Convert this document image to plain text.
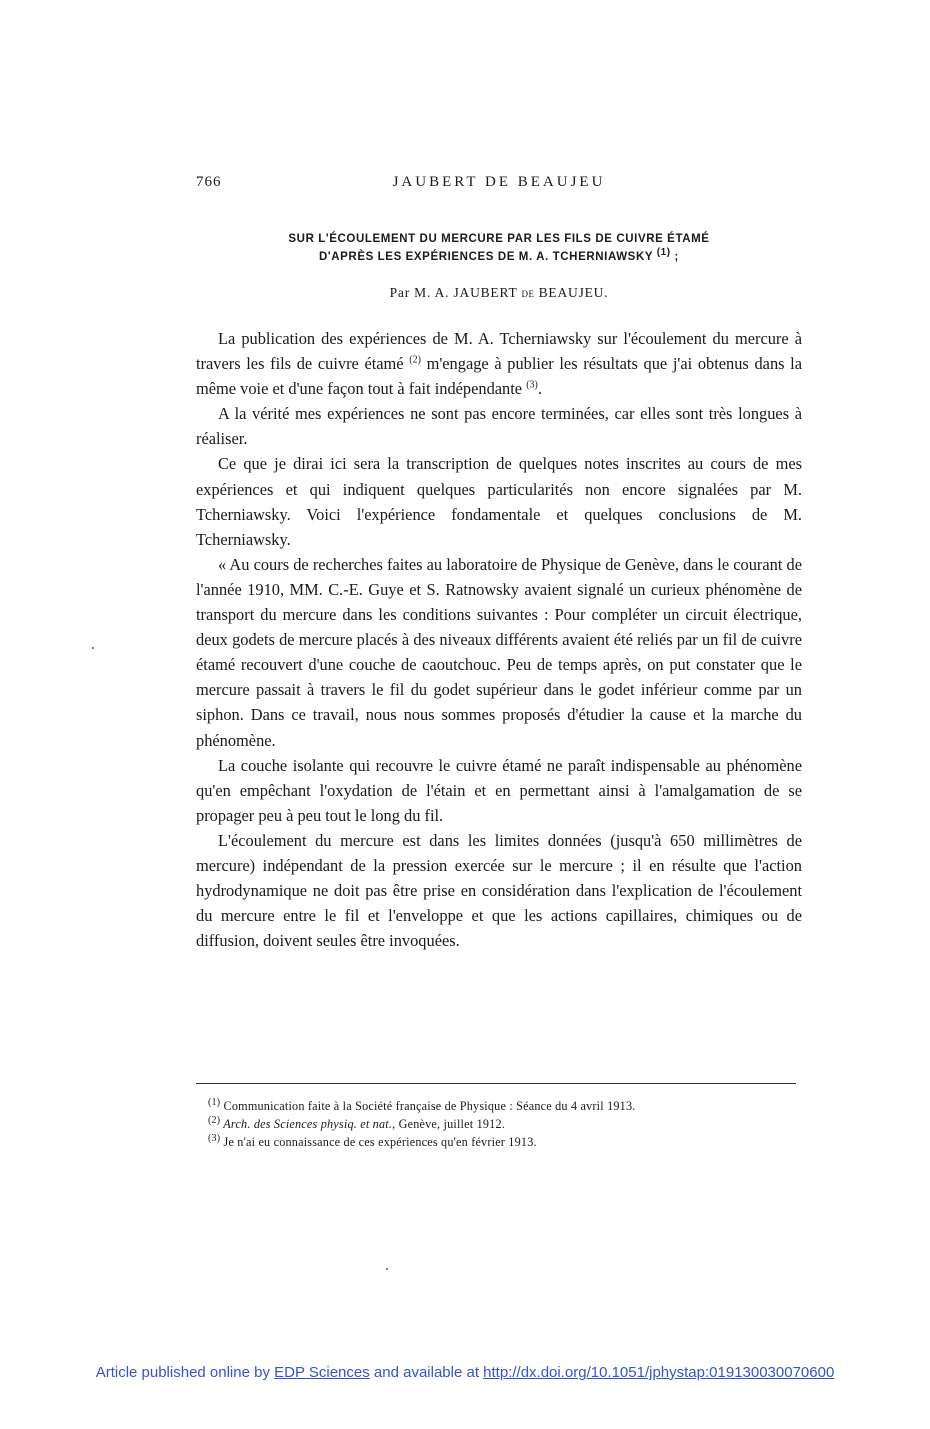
766	JAUBERT DE BEAUJEU
SUR L'ÉCOULEMENT DU MERCURE PAR LES FILS DE CUIVRE ÉTAMÉ
D'APRÈS LES EXPÉRIENCES DE M. A. TCHERNIAWSKY $^{(1)}$ ;
Par M. A. JAUBERT DE BEAUJEU.

La publication des expériences de M. A. Tcherniawsky sur l'écoulement du mercure à travers les fils de cuivre étamé $^{(2)}$ m'engage à publier les résultats que j'ai obtenus dans la même voie et d'une façon tout à fait indépendante $^{(3)}$.

A la vérité mes expériences ne sont pas encore terminées, car elles sont très longues à réaliser.

Ce que je dirai ici sera la transcription de quelques notes inscrites au cours de mes expériences et qui indiquent quelques particularités non encore signalées par M. Tcherniawsky. Voici l'expérience fondamentale et quelques conclusions de M. Tcherniawsky.

« Au cours de recherches faites au laboratoire de Physique de Genève, dans le courant de l'année 1910, MM. C.-E. Guye et S. Ratnowsky avaient signalé un curieux phénomène de transport du mercure dans les conditions suivantes : Pour compléter un circuit électrique, deux godets de mercure placés à des niveaux différents avaient été reliés par un fil de cuivre étamé recouvert d'une couche de caoutchouc. Peu de temps après, on put constater que le mercure passait à travers le fil du godet supérieur dans le godet inférieur comme par un siphon. Dans ce travail, nous nous sommes proposés d'étudier la cause et la marche du phénomène.

La couche isolante qui recouvre le cuivre étamé ne paraît indispensable au phénomène qu'en empêchant l'oxydation de l'étain et en permettant ainsi à l'amalgamation de se propager peu à peu tout le long du fil.

L'écoulement du mercure est dans les limites données (jusqu'à 650 millimètres de mercure) indépendant de la pression exercée sur le mercure ; il en résulte que l'action hydrodynamique ne doit pas être prise en considération dans l'explication de l'écoulement du mercure entre le fil et l'enveloppe et que les actions capillaires, chimiques ou de diffusion, doivent seules être invoquées.

$^{(1)}$ Communication faite à la Société française de Physique : Séance du 4 avril 1913.

$^{(2)}$ Arch. des Sciences physiq. et nat., Genève, juillet 1912.

$^{(3)}$ Je n'ai eu connaissance de ces expériences qu'en février 1913.

Article published online by EDP Sciences and available at http://dx.doi.org/10.1051/jphystap:019130030070600
